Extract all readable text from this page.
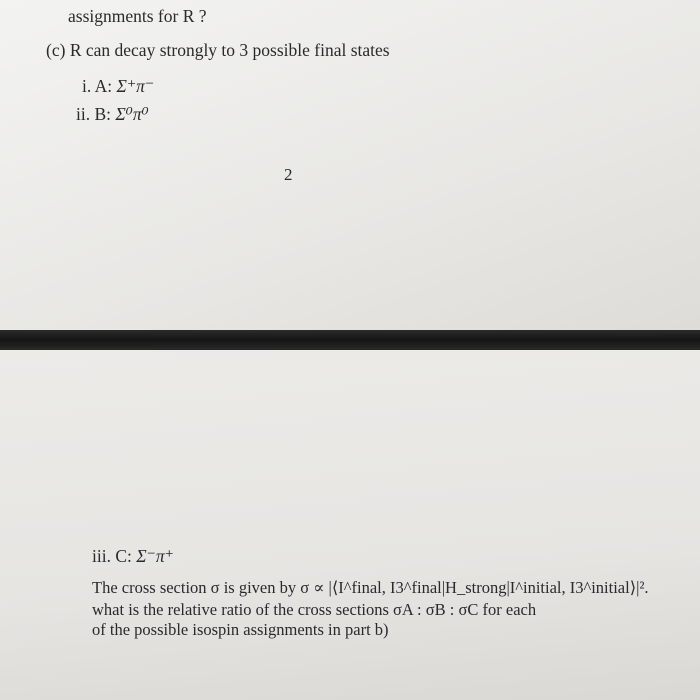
assignments for R ?
(c) R can decay strongly to 3 possible final states
i. A: Σ⁺π⁻
ii. B: Σ⁰π⁰
2
iii. C: Σ⁻π⁺
The cross section σ is given by σ ∝ |⟨I^final, I3^final|H_strong|I^initial, I3^initial⟩|².
what is the relative ratio of the cross sections σA : σB : σC for each
of the possible isospin assignments in part b)
